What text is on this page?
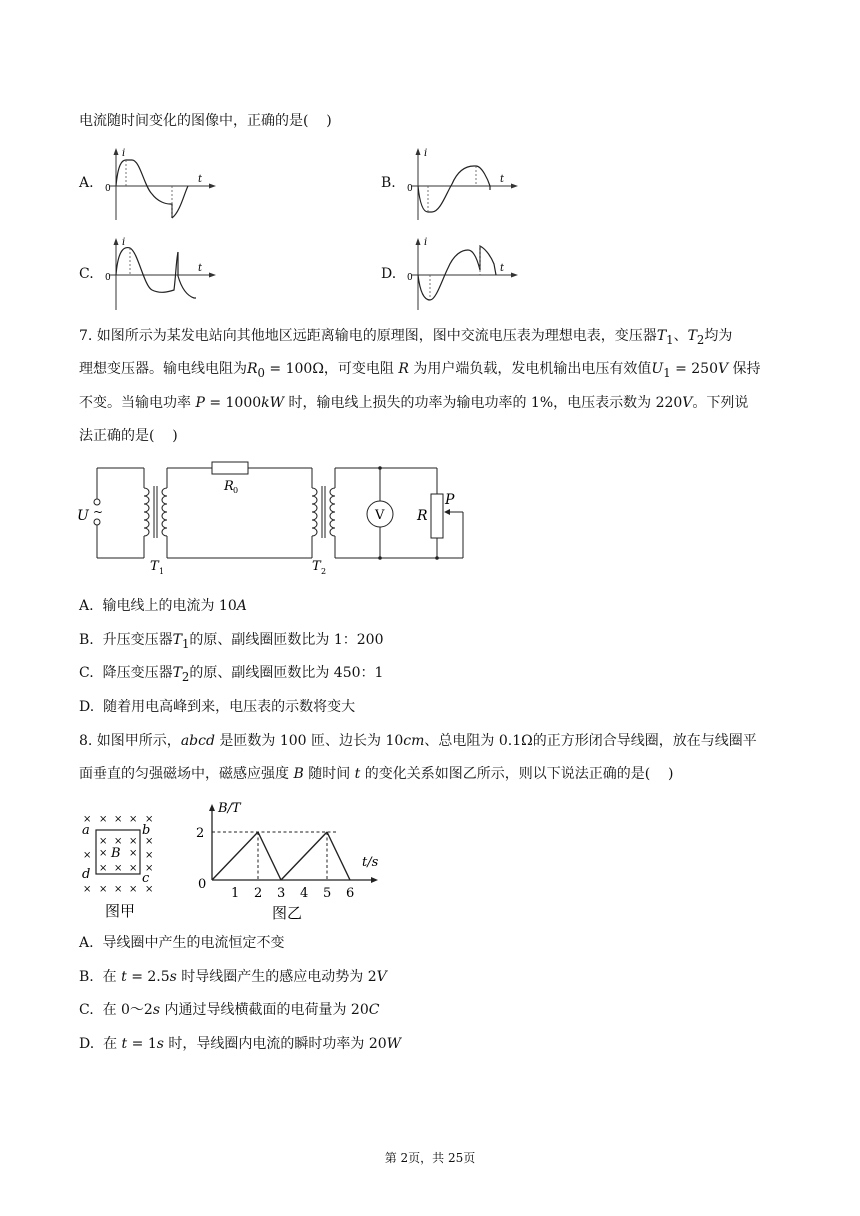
电流随时间变化的图像中，正确的是(    )
A.	B.
C.	D.
i
t
0
i
t
0
i
t
0
i
t
0
7. 如图所示为某发电站向其他地区远距离输电的原理图，图中交流电压表为理想电表，变压器$T_1$、$T_2$均为
理想变压器。输电线电阻为$R_0 = 100\Omega$，可变电阻 R 为用户端负载，发电机输出电压有效值$U_1 = 250V$ 保持
不变。当输电功率 P = 1000kW 时，输电线上损失的功率为输电功率的 1%，电压表示数为 220V。下列说
法正确的是(    )
U ~
T 1
R 0
T 2
V R
P
A. 输电线上的电流为 10A
B. 升压变压器$T_1$的原、副线圈匝数比为 1：200
C. 降压变压器$T_2$的原、副线圈匝数比为 450：1
D. 随着用电高峰到来，电压表的示数将变大
8. 如图甲所示，abcd 是匝数为 100 匝、边长为 10cm、总电阻为 0.1Ω的正方形闭合导线圈，放在与线圈平
面垂直的匀强磁场中，磁感应强度 B 随时间 t 的变化关系如图乙所示，则以下说法正确的是(    )
× × × × ×
×
×	×
×
× ×
×
×
×
× × ×
× × × × ×
a	b
c
d
B
图甲
B/T
t/s
0
图乙
2
1 2 3 4 5 6
A. 导线圈中产生的电流恒定不变
B. 在 t = 2.5s 时导线圈产生的感应电动势为 2V
C. 在 0～2s 内通过导线横截面的电荷量为 20C
D. 在 t = 1s 时，导线圈内电流的瞬时功率为 20W
第 2页，共 25页
